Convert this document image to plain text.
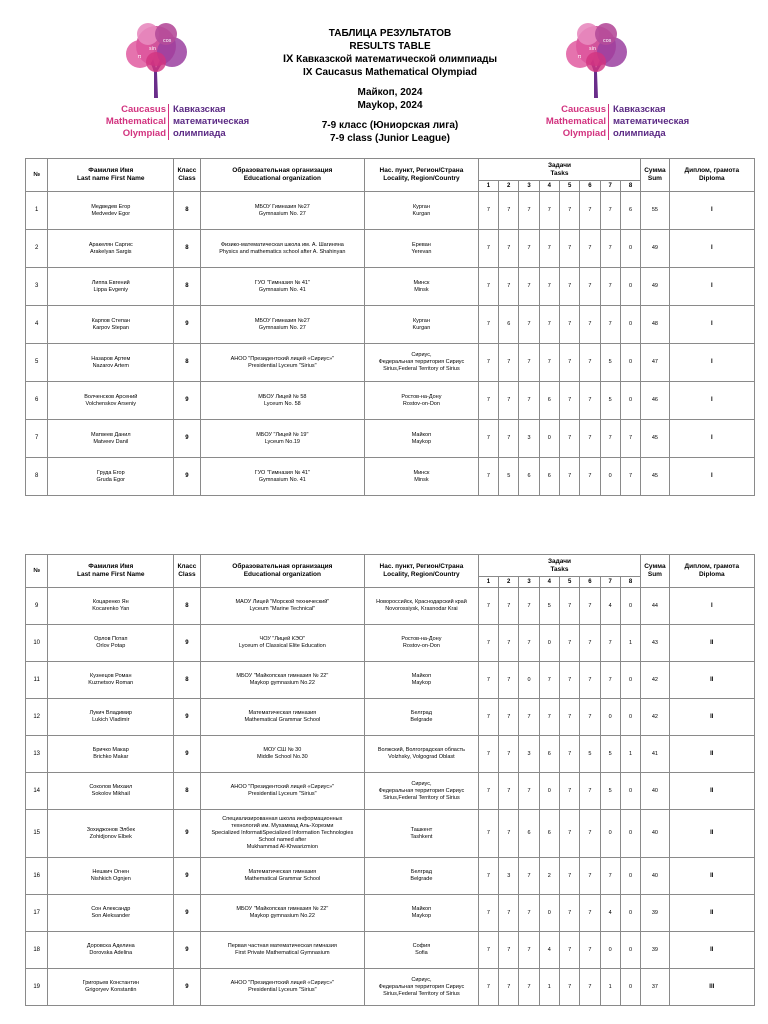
sin
cos
π
Caucasus
Mathematical
Olympiad
Кавказская
математическая
олимпиада
sin
cos
π
Caucasus
Mathematical
Olympiad
Кавказская
математическая
олимпиада
ТАБЛИЦА РЕЗУЛЬТАТОВ
RESULTS TABLE
IX Кавказской математической олимпиады
IX Caucasus Mathematical Olympiad
Майкоп, 2024
Maykop, 2024
7-9 класс (Юниорская лига)
7-9 class (Junior League)
№	Фамилия Имя
Last name First Name	Класс
Class	Образовательная организация
Educational organization	Нас. пункт, Регион/Страна
Locality, Region/Country	Задачи
Tasks								Сумма
Sum	Диплом, грамота
Diploma

					1	2	3	4	5	6	7	8		
1	Медведев Егор
Medvedev Egor	8	МБОУ Гимназия №27
Gymnasium No. 27	Курган
Kurgan	7	7	7	7	7	7	7	6	55	I
2	Аракелян Саргис
Arakelyan Sargis	8	Физико-математическая школа им. А. Шагиняна
Physics and mathematics school after A. Shahinyan	Ереван
Yerevan	7	7	7	7	7	7	7	0	49	I
3	Липпа Евгений
Lippa Evgeniy	8	ГУО "Гимназия № 41"
Gymnasium No. 41	Минск
Minsk	7	7	7	7	7	7	7	0	49	I
4	Карпов Степан
Karpov Stepan	9	МБОУ Гимназия №27
Gymnasium No. 27	Курган
Kurgan	7	6	7	7	7	7	7	0	48	I
5	Назаров Артем
Nazarov Artem	8	АНОО "Президентский лицей «Сириус»"
Presidential Lyceum "Sirius"	Сириус,
Федеральная территория Сириус
Sirius,Federal Territory of Sirius	7	7	7	7	7	7	5	0	47	I
6	Волченсков Арсений
Volchenskov Arseniy	9	МБОУ Лицей № 58
Lyceum No. 58	Ростов-на-Дону
Rostov-on-Don	7	7	7	6	7	7	5	0	46	I
7	Матвеев Данил
Matveev Danil	9	МБОУ "Лицей № 19"
Lyceum No.19	Майкоп
Maykop	7	7	3	0	7	7	7	7	45	I
8	Груда Егор
Gruda Egor	9	ГУО "Гимназия № 41"
Gymnasium No. 41	Минск
Minsk	7	5	6	6	7	7	0	7	45	I
№	Фамилия Имя
Last name First Name	Класс
Class	Образовательная организация
Educational organization	Нас. пункт, Регион/Страна
Locality, Region/Country	Задачи
Tasks								Сумма
Sum	Диплом, грамота
Diploma

					1	2	3	4	5	6	7	8		
9	Коцаренко Ян
Kocarenko Yan	8	МАОУ Лицей "Морской технический"
Lyceum "Marine Technical"	Новороссийск, Краснодарский край
Novorossiysk, Krasnodar Krai	7	7	7	5	7	7	4	0	44	I
10	Орлов Потап
Orlov Potap	9	ЧОУ "Лицей КЭО"
Lyceum of Classical Elite Education	Ростов-на-Дону
Rostov-on-Don	7	7	7	0	7	7	7	1	43	II
11	Кузнецов Роман
Kuznetsov Roman	8	МБОУ "Майкопская гимназия № 22"
Maykop gymnasium No.22	Майкоп
Maykop	7	7	0	7	7	7	7	0	42	II
12	Лукич Владимир
Lukich Vladimir	9	Математическая гимназия
Mathematical Grammar School	Белград
Belgrade	7	7	7	7	7	7	0	0	42	II
13	Бричко Макар
Brichko Makar	9	МОУ СШ № 30
Middle School No.30	Волжский, Волгоградская область
Volzhsky, Volgograd Oblast	7	7	3	6	7	5	5	1	41	II
14	Соколов Михаил
Sokolov Mikhail	8	АНОО "Президентский лицей «Сириус»"
Presidential Lyceum "Sirius"	Сириус,
Федеральная территория Сириус
Sirius,Federal Territory of Sirius	7	7	7	0	7	7	5	0	40	II
15	Зохиджонов Элбек
Zohidjonov Elbek	9	Специализированная школа информационных
технологий им. Мухаммад Аль-Хорезми
Specialized InformatiSpecialized Information Technologies
School named after
Mukhammad Al-Khwarizmion	Ташкент
Tashkent	7	7	6	6	7	7	0	0	40	II
16	Нешкич Огнен
Nishkich Ognjen	9	Математическая гимназия
Mathematical Grammar School	Белград
Belgrade	7	3	7	2	7	7	7	0	40	II
17	Сон Александр
Son Aleksander	9	МБОУ "Майкопская гимназия № 22"
Maykop gymnasium No.22	Майкоп
Maykop	7	7	7	0	7	7	4	0	39	II
18	Доровска Аделина
Dorovska Adelina	9	Первая частная математическая гимназия
First Private Mathematical Gymnasium	София
Sofia	7	7	7	4	7	7	0	0	39	II
19	Григорьев Константин
Grigoryev Konstantin	9	АНОО "Президентский лицей «Сириус»"
Presidential Lyceum "Sirius"	Сириус,
Федеральная территория Сириус
Sirius,Federal Territory of Sirius	7	7	7	1	7	7	1	0	37	III
